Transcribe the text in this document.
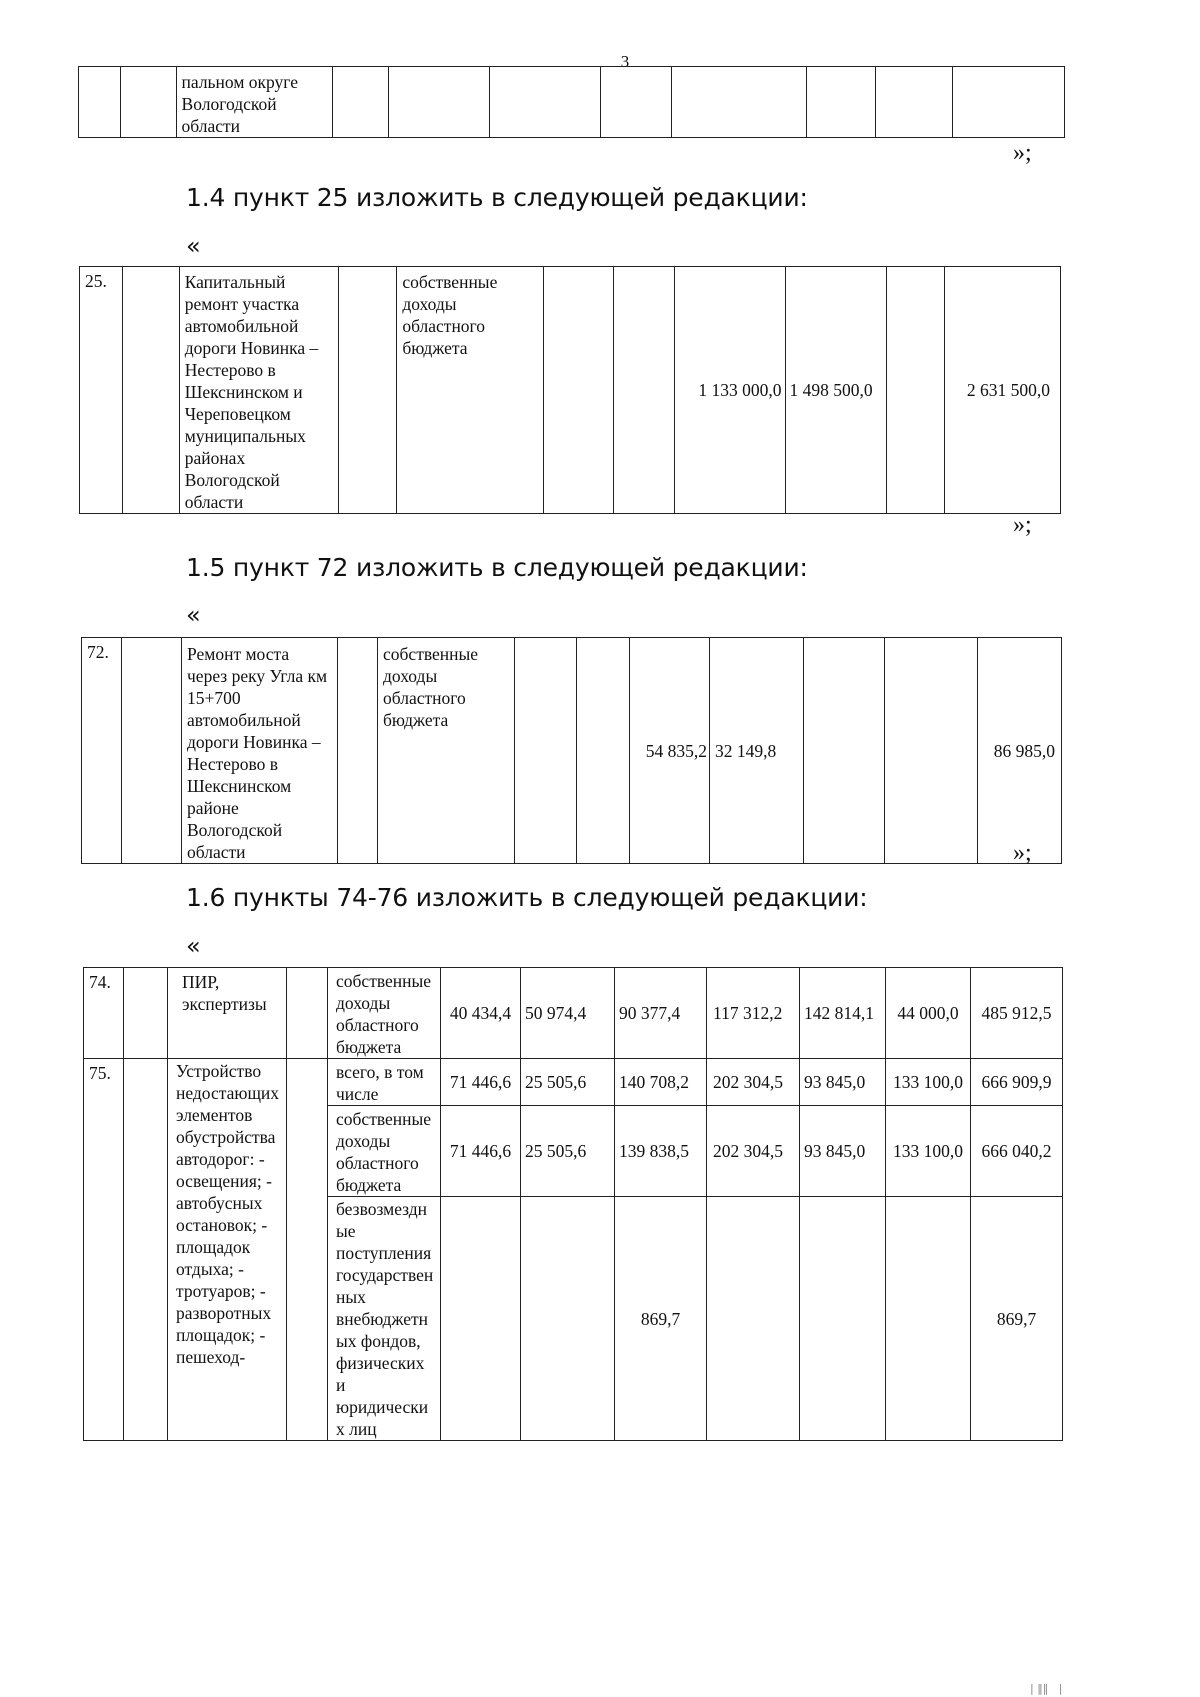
3
		пальном округе Вологодской области								
»;
1.4 пункт 25 изложить в следующей редакции:
«
25.		Капитальный ремонт участка автомобильной дороги Новинка – Нестерово в Шекснинском и Череповецком муниципальных районах Вологодской области		собственные доходы областного бюджета			1 133 000,0	1 498 500,0		2 631 500,0
»;
1.5 пункт 72 изложить в следующей редакции:
«
72.		Ремонт моста через реку Угла км 15+700 автомобильной дороги Новинка – Нестерово в Шекснинском районе Вологодской области		собственные доходы областного бюджета			54 835,2	32 149,8			86 985,0
»;
1.6 пункты 74-76 изложить в следующей редакции:
«
74.		ПИР, экспертизы		собственные доходы областного бюджета	40 434,4	50 974,4	90 377,4	117 312,2	142 814,1	44 000,0	485 912,5
75.		Устройство недостающих элементов обустройства автодорог: - освещения; - автобусных остановок; - площадок отдыха; - тротуаров; - разворотных площадок; - пешеход-		всего, в том числе	71 446,6	25 505,6	140 708,2	202 304,5	93 845,0	133 100,0	666 909,9
				собственные доходы областного бюджета	71 446,6	25 505,6	139 838,5	202 304,5	93 845,0	133 100,0	666 040,2
				безвозмездные поступления государственных внебюджетных фондов, физических и юридических лиц			869,7				869,7
| ‖‖   |
